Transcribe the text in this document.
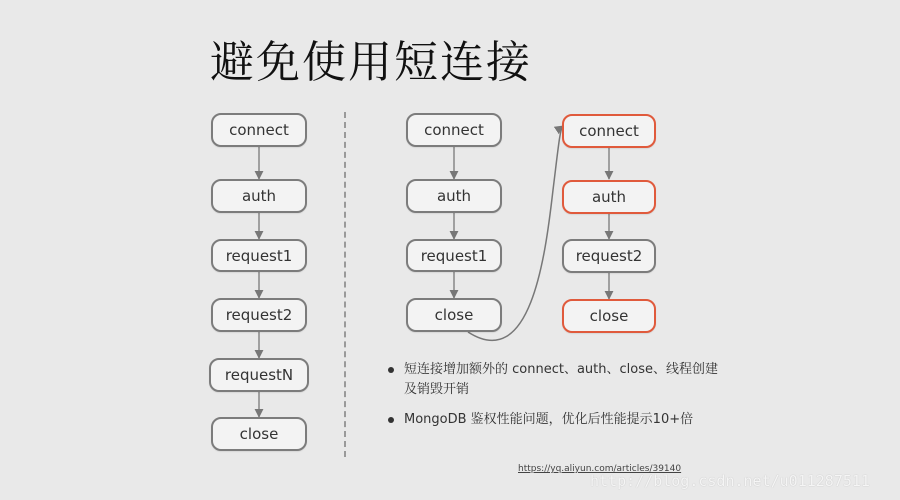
避免使用短连接
connect
auth
request1
request2
requestN
close
connect
auth
request1
close
connect
auth
request2
close
短连接增加额外的 connect、auth、close、线程创建及销毁开销
MongoDB 鉴权性能问题，优化后性能提示10+倍
https://yq.aliyun.com/articles/39140
http://blog.csdn.net/u011287511
